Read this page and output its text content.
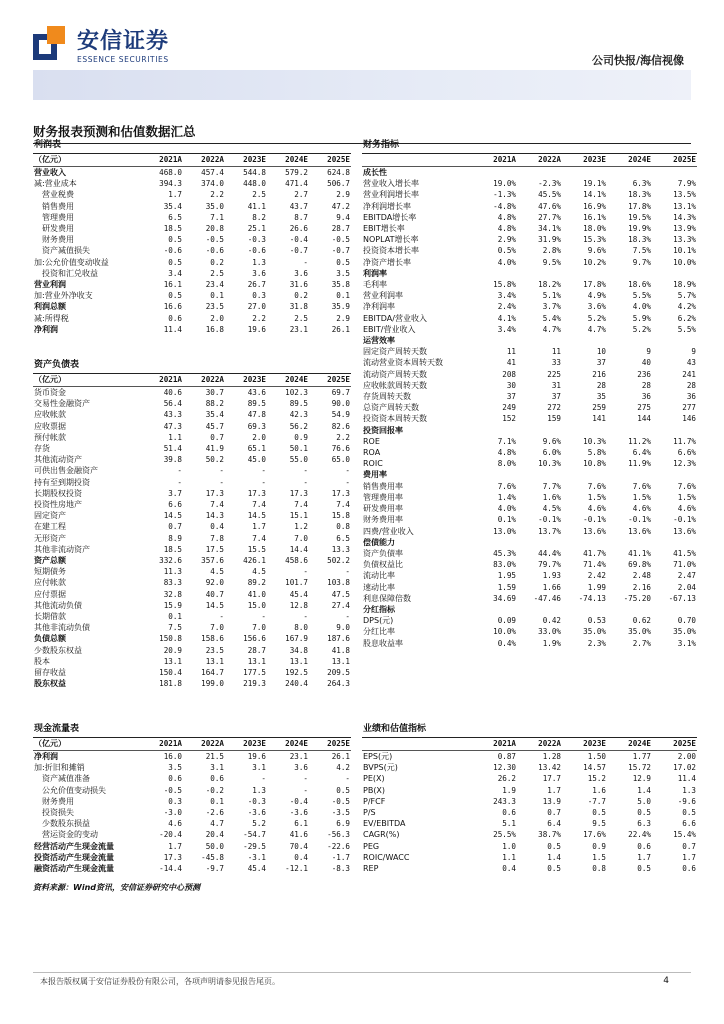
安信证券
ESSENCE SECURITIES	公司快报/海信视像
财务报表预测和估值数据汇总
利润表					
（亿元）	2021A	2022A	2023E	2024E	2025E
营业收入	468.0	457.4	544.8	579.2	624.8
减:营业成本	394.3	374.0	448.0	471.4	506.7
　营业税费	1.7	2.2	2.5	2.7	2.9
　销售费用	35.4	35.0	41.1	43.7	47.2
　管理费用	6.5	7.1	8.2	8.7	9.4
　研发费用	18.5	20.8	25.1	26.6	28.7
　财务费用	0.5	-0.5	-0.3	-0.4	-0.5
　资产减值损失	-0.6	-0.6	-0.6	-0.7	-0.7
加:公允价值变动收益	0.5	0.2	1.3	-	0.5
　投资和汇兑收益	3.4	2.5	3.6	3.6	3.5
营业利润	16.1	23.4	26.7	31.6	35.8
加:营业外净收支	0.5	0.1	0.3	0.2	0.1
利润总额	16.6	23.5	27.0	31.8	35.9
减:所得税	0.6	2.0	2.2	2.5	2.9
净利润	11.4	16.8	19.6	23.1	26.1
财务指标					
	2021A	2022A	2023E	2024E	2025E
成长性					
营业收入增长率	19.0%	-2.3%	19.1%	6.3%	7.9%
营业利润增长率	-1.3%	45.5%	14.1%	18.3%	13.5%
净利润增长率	-4.8%	47.6%	16.9%	17.8%	13.1%
EBITDA增长率	4.8%	27.7%	16.1%	19.5%	14.3%
EBIT增长率	4.8%	34.1%	18.0%	19.9%	13.9%
NOPLAT增长率	2.9%	31.9%	15.3%	18.3%	13.3%
投资资本增长率	0.5%	2.8%	9.6%	7.5%	10.1%
净资产增长率	4.0%	9.5%	10.2%	9.7%	10.0%
利润率					
毛利率	15.8%	18.2%	17.8%	18.6%	18.9%
营业利润率	3.4%	5.1%	4.9%	5.5%	5.7%
净利润率	2.4%	3.7%	3.6%	4.0%	4.2%
EBITDA/营业收入	4.1%	5.4%	5.2%	5.9%	6.2%
EBIT/营业收入	3.4%	4.7%	4.7%	5.2%	5.5%
运营效率					
固定资产周转天数	11	11	10	9	9
流动营业资本周转天数	41	33	37	40	43
流动资产周转天数	208	225	216	236	241
应收帐款周转天数	30	31	28	28	28
存货周转天数	37	37	35	36	36
总资产周转天数	249	272	259	275	277
投资资本周转天数	152	159	141	144	146

投资回报率					
ROE	7.1%	9.6%	10.3%	11.2%	11.7%
ROA	4.8%	6.0%	5.8%	6.4%	6.6%
ROIC	8.0%	10.3%	10.8%	11.9%	12.3%
费用率					
销售费用率	7.6%	7.7%	7.6%	7.6%	7.6%
管理费用率	1.4%	1.6%	1.5%	1.5%	1.5%
研发费用率	4.0%	4.5%	4.6%	4.6%	4.6%
财务费用率	0.1%	-0.1%	-0.1%	-0.1%	-0.1%
四费/营业收入	13.0%	13.7%	13.6%	13.6%	13.6%
偿债能力					
资产负债率	45.3%	44.4%	41.7%	41.1%	41.5%
负债权益比	83.0%	79.7%	71.4%	69.8%	71.0%
流动比率	1.95	1.93	2.42	2.48	2.47
速动比率	1.59	1.66	1.99	2.16	2.04
利息保障倍数	34.69	-47.46	-74.13	-75.20	-67.13
分红指标					
DPS(元)	0.09	0.42	0.53	0.62	0.70
分红比率	10.0%	33.0%	35.0%	35.0%	35.0%
股息收益率	0.4%	1.9%	2.3%	2.7%	3.1%
资产负债表					
（亿元）	2021A	2022A	2023E	2024E	2025E
货币资金	40.6	30.7	43.6	102.3	69.7
交易性金融资产	56.4	88.2	89.5	89.5	90.0
应收帐款	43.3	35.4	47.8	42.3	54.9
应收票据	47.3	45.7	69.3	56.2	82.6
预付帐款	1.1	0.7	2.0	0.9	2.2
存货	51.4	41.9	65.1	50.1	76.6
其他流动资产	39.8	50.2	45.0	55.0	65.0
可供出售金融资产	-	-	-	-	-
持有至到期投资	-	-	-	-	-
长期股权投资	3.7	17.3	17.3	17.3	17.3
投资性房地产	6.6	7.4	7.4	7.4	7.4
固定资产	14.5	14.3	14.5	15.1	15.8
在建工程	0.7	0.4	1.7	1.2	0.8
无形资产	8.9	7.8	7.4	7.0	6.5
其他非流动资产	18.5	17.5	15.5	14.4	13.3
资产总额	332.6	357.6	426.1	458.6	502.2
短期债务	11.3	4.5	4.5	-	-
应付帐款	83.3	92.0	89.2	101.7	103.8
应付票据	32.8	40.7	41.0	45.4	47.5
其他流动负债	15.9	14.5	15.0	12.8	27.4
长期借款	0.1	-	-	-	-
其他非流动负债	7.5	7.0	7.0	8.0	9.0
负债总额	150.8	158.6	156.6	167.9	187.6
少数股东权益	20.9	23.5	28.7	34.8	41.8
股本	13.1	13.1	13.1	13.1	13.1
留存收益	150.4	164.7	177.5	192.5	209.5
股东权益	181.8	199.0	219.3	240.4	264.3
现金流量表					
（亿元）	2021A	2022A	2023E	2024E	2025E
净利润	16.0	21.5	19.6	23.1	26.1
加:折旧和摊销	3.5	3.1	3.1	3.6	4.2
　资产减值准备	0.6	0.6	-	-	-
　公允价值变动损失	-0.5	-0.2	1.3	-	0.5
　财务费用	0.3	0.1	-0.3	-0.4	-0.5
　投资损失	-3.0	-2.6	-3.6	-3.6	-3.5
　少数股东损益	4.6	4.7	5.2	6.1	6.9
　营运资金的变动	-20.4	20.4	-54.7	41.6	-56.3
经营活动产生现金流量	1.7	50.0	-29.5	70.4	-22.6
投资活动产生现金流量	17.3	-45.8	-3.1	0.4	-1.7
融资活动产生现金流量	-14.4	-9.7	45.4	-12.1	-8.3
业绩和估值指标					
	2021A	2022A	2023E	2024E	2025E
EPS(元)	0.87	1.28	1.50	1.77	2.00
BVPS(元)	12.30	13.42	14.57	15.72	17.02
PE(X)	26.2	17.7	15.2	12.9	11.4
PB(X)	1.9	1.7	1.6	1.4	1.3
P/FCF	243.3	13.9	-7.7	5.0	-9.6
P/S	0.6	0.7	0.5	0.5	0.5
EV/EBITDA	5.1	6.4	9.5	6.3	6.6
CAGR(%)	25.5%	38.7%	17.6%	22.4%	15.4%
PEG	1.0	0.5	0.9	0.6	0.7
ROIC/WACC	1.1	1.4	1.5	1.7	1.7
REP	0.4	0.5	0.8	0.5	0.6
资料来源：Wind资讯，安信证券研究中心预测
本报告版权属于安信证券股份有限公司，各项声明请参见报告尾页。	4
